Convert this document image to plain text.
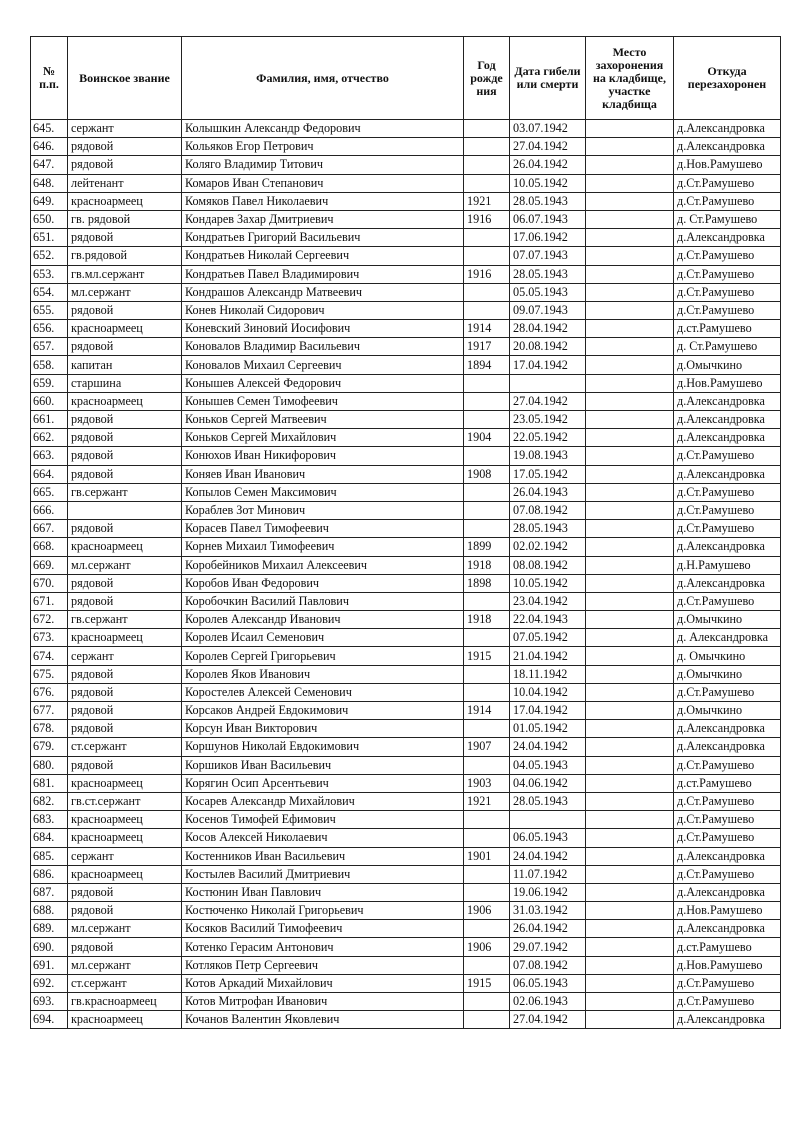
№ п.п.	Воинское звание	Фамилия, имя, отчество	Год рожде ния	Дата гибели или смерти	Место захоронения на кладбище, участке кладбища	Откуда перезахоронен
645.	сержант	Колышкин Александр Федорович		03.07.1942		д.Александровка
646.	рядовой	Кольяков Егор Петрович		27.04.1942		д.Александровка
647.	рядовой	Коляго Владимир Титович		26.04.1942		д.Нов.Рамушево
648.	лейтенант	Комаров Иван Степанович		10.05.1942		д.Ст.Рамушево
649.	красноармеец	Комяков Павел Николаевич	1921	28.05.1943		д.Ст.Рамушево
650.	гв. рядовой	Кондарев Захар Дмитриевич	1916	06.07.1943		д. Ст.Рамушево
651.	рядовой	Кондратьев Григорий Васильевич		17.06.1942		д.Александровка
652.	гв.рядовой	Кондратьев Николай Сергеевич		07.07.1943		д.Ст.Рамушево
653.	гв.мл.сержант	Кондратьев Павел Владимирович	1916	28.05.1943		д.Ст.Рамушево
654.	мл.сержант	Кондрашов Александр Матвеевич		05.05.1943		д.Ст.Рамушево
655.	рядовой	Конев Николай Сидорович		09.07.1943		д.Ст.Рамушево
656.	красноармеец	Коневский Зиновий Иосифович	1914	28.04.1942		д.ст.Рамушево
657.	рядовой	Коновалов Владимир Васильевич	1917	20.08.1942		д. Ст.Рамушево
658.	капитан	Коновалов Михаил Сергеевич	1894	17.04.1942		д.Омычкино
659.	старшина	Конышев Алексей Федорович				д.Нов.Рамушево
660.	красноармеец	Конышев Семен Тимофеевич		27.04.1942		д.Александровка
661.	рядовой	Коньков Сергей Матвеевич		23.05.1942		д.Александровка
662.	рядовой	Коньков Сергей Михайлович	1904	22.05.1942		д.Александровка
663.	рядовой	Конюхов Иван Никифорович		19.08.1943		д.Ст.Рамушево
664.	рядовой	Коняев Иван Иванович	1908	17.05.1942		д.Александровка
665.	гв.сержант	Копылов Семен Максимович		26.04.1943		д.Ст.Рамушево
666.		Кораблев Зот Минович		07.08.1942		д.Ст.Рамушево
667.	рядовой	Корасев Павел Тимофеевич		28.05.1943		д.Ст.Рамушево
668.	красноармеец	Корнев Михаил Тимофеевич	1899	02.02.1942		д.Александровка
669.	мл.сержант	Коробейников Михаил Алексеевич	1918	08.08.1942		д.Н.Рамушево
670.	рядовой	Коробов Иван Федорович	1898	10.05.1942		д.Александровка
671.	рядовой	Коробочкин Василий Павлович		23.04.1942		д.Ст.Рамушево
672.	гв.сержант	Королев Александр Иванович	1918	22.04.1943		д.Омычкино
673.	красноармеец	Королев Исаил Семенович		07.05.1942		д. Александровка
674.	сержант	Королев Сергей Григорьевич	1915	21.04.1942		д. Омычкино
675.	рядовой	Королев Яков Иванович		18.11.1942		д.Омычкино
676.	рядовой	Коростелев Алексей Семенович		10.04.1942		д.Ст.Рамушево
677.	рядовой	Корсаков Андрей Евдокимович	1914	17.04.1942		д.Омычкино
678.	рядовой	Корсун Иван Викторович		01.05.1942		д.Александровка
679.	ст.сержант	Коршунов Николай Евдокимович	1907	24.04.1942		д.Александровка
680.	рядовой	Коршиков Иван Васильевич		04.05.1943		д.Ст.Рамушево
681.	красноармеец	Корягин Осип Арсентьевич	1903	04.06.1942		д.ст.Рамушево
682.	гв.ст.сержант	Косарев Александр Михайлович	1921	28.05.1943		д.Ст.Рамушево
683.	красноармеец	Косенов Тимофей Ефимович				д.Ст.Рамушево
684.	красноармеец	Косов Алексей Николаевич		06.05.1943		д.Ст.Рамушево
685.	сержант	Костенников Иван Васильевич	1901	24.04.1942		д.Александровка
686.	красноармеец	Костылев Василий Дмитриевич		11.07.1942		д.Ст.Рамушево
687.	рядовой	Костюнин Иван Павлович		19.06.1942		д.Александровка
688.	рядовой	Костюченко Николай Григорьевич	1906	31.03.1942		д.Нов.Рамушево
689.	мл.сержант	Косяков Василий Тимофеевич		26.04.1942		д.Александровка
690.	рядовой	Котенко Герасим Антонович	1906	29.07.1942		д.ст.Рамушево
691.	мл.сержант	Котляков Петр Сергеевич		07.08.1942		д.Нов.Рамушево
692.	ст.сержант	Котов Аркадий Михайлович	1915	06.05.1943		д.Ст.Рамушево
693.	гв.красноармеец	Котов Митрофан Иванович		02.06.1943		д.Ст.Рамушево
694.	красноармеец	Кочанов Валентин Яковлевич		27.04.1942		д.Александровка
